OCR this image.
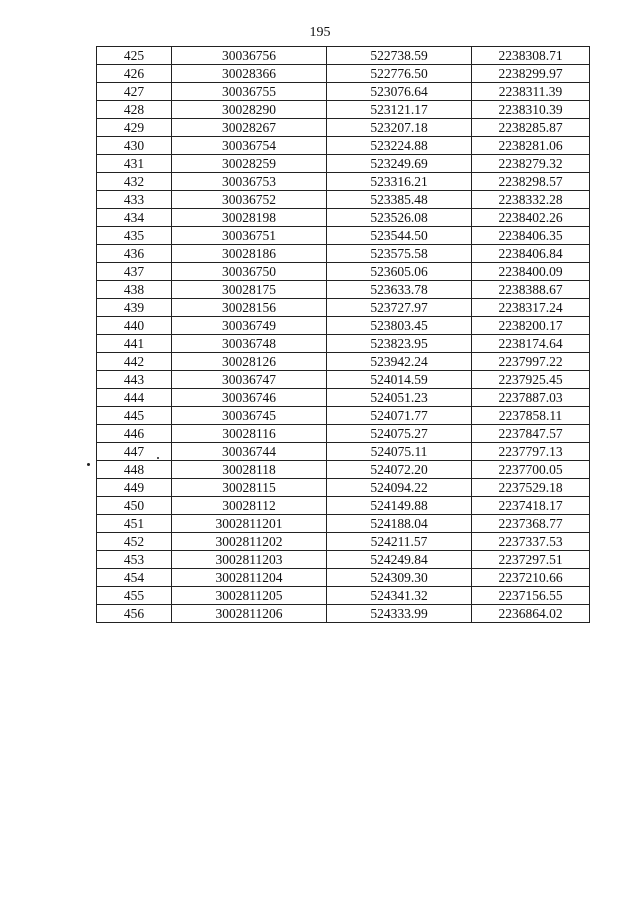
195
425	30036756	522738.59	2238308.71
426	30028366	522776.50	2238299.97
427	30036755	523076.64	2238311.39
428	30028290	523121.17	2238310.39
429	30028267	523207.18	2238285.87
430	30036754	523224.88	2238281.06
431	30028259	523249.69	2238279.32
432	30036753	523316.21	2238298.57
433	30036752	523385.48	2238332.28
434	30028198	523526.08	2238402.26
435	30036751	523544.50	2238406.35
436	30028186	523575.58	2238406.84
437	30036750	523605.06	2238400.09
438	30028175	523633.78	2238388.67
439	30028156	523727.97	2238317.24
440	30036749	523803.45	2238200.17
441	30036748	523823.95	2238174.64
442	30028126	523942.24	2237997.22
443	30036747	524014.59	2237925.45
444	30036746	524051.23	2237887.03
445	30036745	524071.77	2237858.11
446	30028116	524075.27	2237847.57
447	30036744	524075.11	2237797.13
448	30028118	524072.20	2237700.05
449	30028115	524094.22	2237529.18
450	30028112	524149.88	2237418.17
451	3002811201	524188.04	2237368.77
452	3002811202	524211.57	2237337.53
453	3002811203	524249.84	2237297.51
454	3002811204	524309.30	2237210.66
455	3002811205	524341.32	2237156.55
456	3002811206	524333.99	2236864.02
